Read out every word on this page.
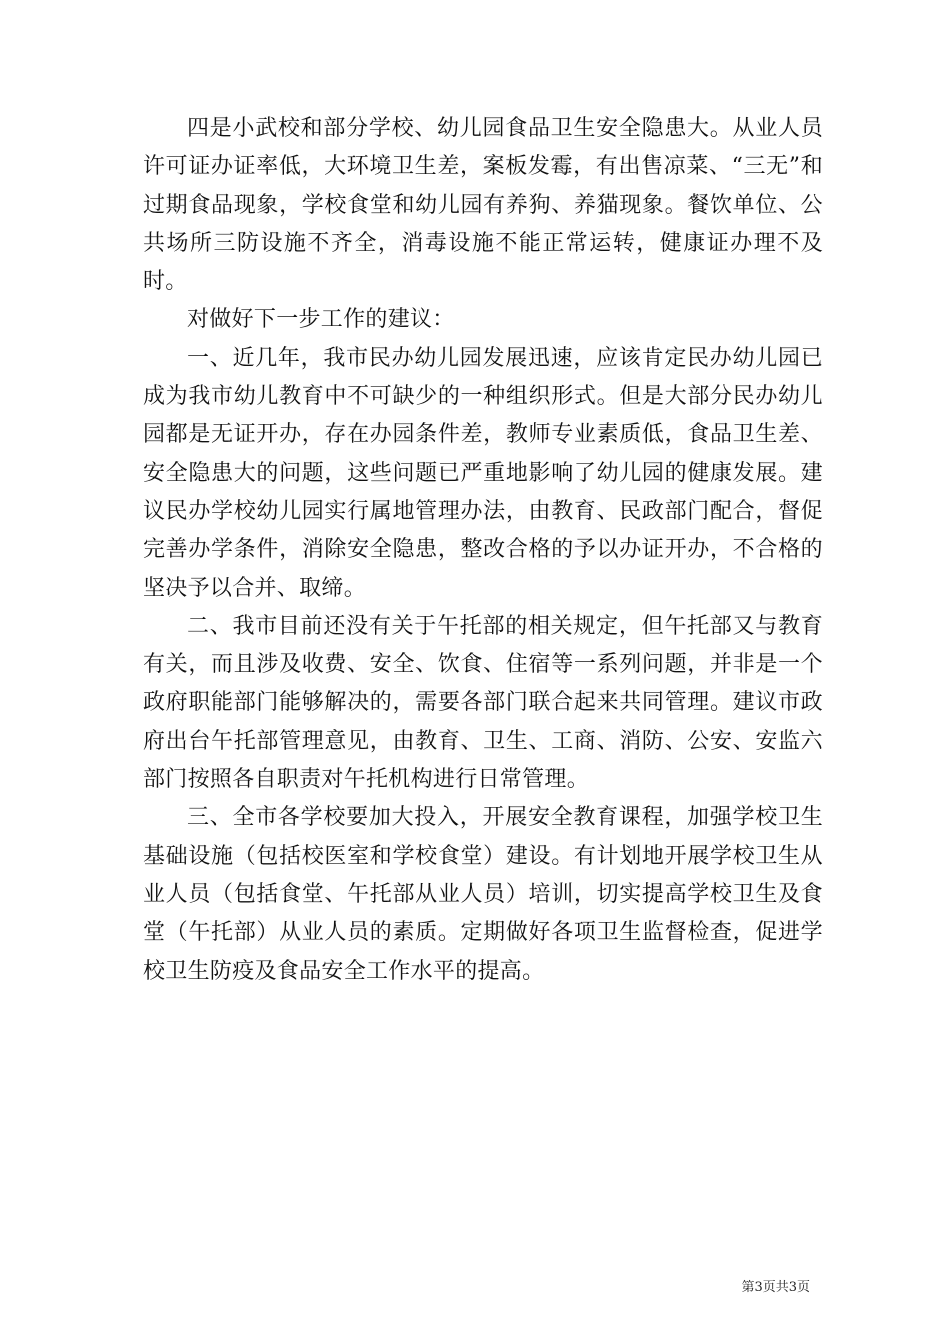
四是小武校和部分学校、幼儿园食品卫生安全隐患大。从业人员许可证办证率低，大环境卫生差，案板发霉，有出售凉菜、“三无”和过期食品现象，学校食堂和幼儿园有养狗、养猫现象。餐饮单位、公共场所三防设施不齐全，消毒设施不能正常运转，健康证办理不及时。

对做好下一步工作的建议：

一、近几年，我市民办幼儿园发展迅速，应该肯定民办幼儿园已成为我市幼儿教育中不可缺少的一种组织形式。但是大部分民办幼儿园都是无证开办，存在办园条件差，教师专业素质低，食品卫生差、安全隐患大的问题，这些问题已严重地影响了幼儿园的健康发展。建议民办学校幼儿园实行属地管理办法，由教育、民政部门配合，督促完善办学条件，消除安全隐患，整改合格的予以办证开办，不合格的坚决予以合并、取缔。

二、我市目前还没有关于午托部的相关规定，但午托部又与教育有关，而且涉及收费、安全、饮食、住宿等一系列问题，并非是一个政府职能部门能够解决的，需要各部门联合起来共同管理。建议市政府出台午托部管理意见，由教育、卫生、工商、消防、公安、安监六部门按照各自职责对午托机构进行日常管理。

三、全市各学校要加大投入，开展安全教育课程，加强学校卫生基础设施（包括校医室和学校食堂）建设。有计划地开展学校卫生从业人员（包括食堂、午托部从业人员）培训，切实提高学校卫生及食堂（午托部）从业人员的素质。定期做好各项卫生监督检查，促进学校卫生防疫及食品安全工作水平的提高。

第3页共3页
